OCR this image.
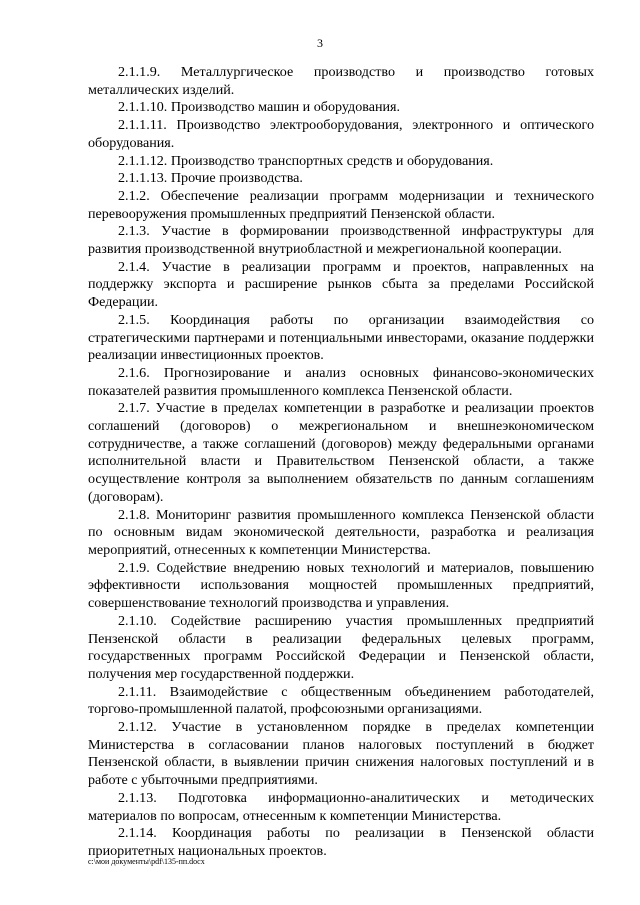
3

2.1.1.9. Металлургическое производство и производство готовых металлических изделий.

2.1.1.10. Производство машин и оборудования.

2.1.1.11. Производство электрооборудования, электронного и оптического оборудования.

2.1.1.12. Производство транспортных средств и оборудования.

2.1.1.13. Прочие производства.

2.1.2. Обеспечение реализации программ модернизации и технического перевооружения промышленных предприятий Пензенской области.

2.1.3. Участие в формировании производственной инфраструктуры для развития производственной внутриобластной и межрегиональной кооперации.

2.1.4. Участие в реализации программ и проектов, направленных на поддержку экспорта и расширение рынков сбыта за пределами Российской Федерации.

2.1.5. Координация работы по организации взаимодействия со стратегическими партнерами и потенциальными инвесторами, оказание поддержки реализации инвестиционных проектов.

2.1.6. Прогнозирование и анализ основных финансово-экономических показателей развития промышленного комплекса Пензенской области.

2.1.7. Участие в пределах компетенции в разработке и реализации проектов соглашений (договоров) о межрегиональном и внешнеэкономическом сотрудничестве, а также соглашений (договоров) между федеральными органами исполнительной власти и Правительством Пензенской области, а также осуществление контроля за выполнением обязательств по данным соглашениям (договорам).

2.1.8. Мониторинг развития промышленного комплекса Пензенской области по основным видам экономической деятельности, разработка и реализация мероприятий, отнесенных к компетенции Министерства.

2.1.9. Содействие внедрению новых технологий и материалов, повышению эффективности использования мощностей промышленных предприятий, совершенствование технологий производства и управления.

2.1.10. Содействие расширению участия промышленных предприятий Пензенской области в реализации федеральных целевых программ, государственных программ Российской Федерации и Пензенской области, получения мер государственной поддержки.

2.1.11. Взаимодействие с общественным объединением работодателей, торгово-промышленной палатой, профсоюзными организациями.

2.1.12. Участие в установленном порядке в пределах компетенции Министерства в согласовании планов налоговых поступлений в бюджет Пензенской области, в выявлении причин снижения налоговых поступлений и в работе с убыточными предприятиями.

2.1.13. Подготовка информационно-аналитических и методических материалов по вопросам, отнесенным к компетенции Министерства.

2.1.14. Координация работы по реализации в Пензенской области приоритетных национальных проектов.

c:\мои документы\pdf\135-пп.docx
